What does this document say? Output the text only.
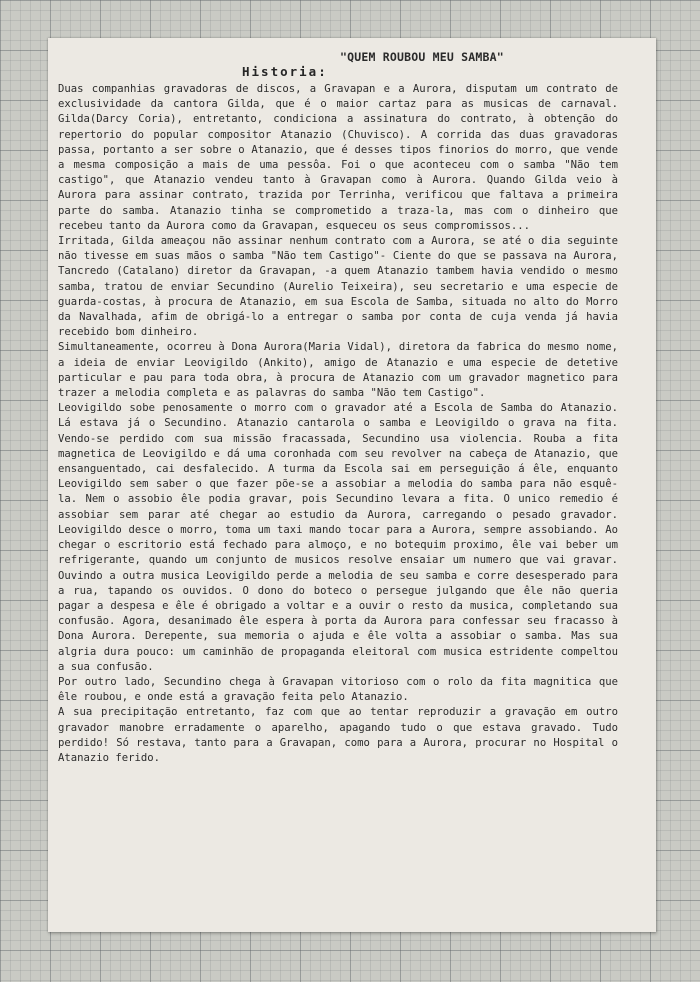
"QUEM ROUBOU MEU SAMBA"

Historia:

Duas companhias gravadoras de discos, a Gravapan e a Aurora, disputam um contrato de exclusividade da cantora Gilda, que é o maior cartaz para as musicas de carnaval. Gilda(Darcy Coria), entretanto, condiciona a assinatura do contrato, à obtenção do repertorio do popular compositor Atanazio (Chuvisco). A corrida das duas gravadoras passa, portanto a ser sobre o Atanazio, que é desses tipos finorios do morro, que vende a mesma composição a mais de uma pessôa. Foi o que aconteceu com o samba "Não tem castigo", que Atanazio vendeu tanto à Gravapan como à Aurora. Quando Gilda veio à Aurora para assinar contrato, trazida por Terrinha, verificou que faltava a primeira parte do samba. Atanazio tinha se comprometido a traza-la, mas com o dinheiro que recebeu tanto da Aurora como da Gravapan, esqueceu os seus compromissos...

Irritada, Gilda ameaçou não assinar nenhum contrato com a Aurora, se até o dia seguinte não tivesse em suas mãos o samba "Não tem Castigo"- Ciente do que se passava na Aurora, Tancredo (Catalano) diretor da Gravapan, -a quem Atanazio tambem havia vendido o mesmo samba, tratou de enviar Secundino (Aurelio Teixeira), seu secretario e uma especie de guarda-costas, à procura de Atanazio, em sua Escola de Samba, situada no alto do Morro da Navalhada, afim de obrigá-lo a entregar o samba por conta de cuja venda já havia recebido bom dinheiro.

Simultaneamente, ocorreu à Dona Aurora(Maria Vidal), diretora da fabrica do mesmo nome, a ideia de enviar Leovigildo (Ankito), amigo de Atanazio e uma especie de detetive particular e pau para toda obra, à procura de Atanazio com um gravador magnetico para trazer a melodia completa e as palavras do samba "Não tem Castigo".

Leovigildo sobe penosamente o morro com o gravador até a Escola de Samba do Atanazio. Lá estava já o Secundino. Atanazio cantarola o samba e Leovigildo o grava na fita. Vendo-se perdido com sua missão fracassada, Secundino usa violencia. Rouba a fita magnetica de Leovigildo e dá uma coronhada com seu revolver na cabeça de Atanazio, que ensanguentado, cai desfalecido. A turma da Escola sai em perseguição á êle, enquanto Leovigildo sem saber o que fazer põe-se a assobiar a melodia do samba para não esquê-la. Nem o assobio êle podia gravar, pois Secundino levara a fita. O unico remedio é assobiar sem parar até chegar ao estudio da Aurora, carregando o pesado gravador. Leovigildo desce o morro, toma um taxi mando tocar para a Aurora, sempre assobiando. Ao chegar o escritorio está fechado para almoço, e no botequim proximo, êle vai beber um refrigerante, quando um conjunto de musicos resolve ensaiar um numero que vai gravar. Ouvindo a outra musica Leovigildo perde a melodia de seu samba e corre desesperado para a rua, tapando os ouvidos. O dono do boteco o persegue julgando que êle não queria pagar a despesa e êle é obrigado a voltar e a ouvir o resto da musica, completando sua confusão. Agora, desanimado êle espera à porta da Aurora para confessar seu fracasso à Dona Aurora. Derepente, sua memoria o ajuda e êle volta a assobiar o samba. Mas sua algria dura pouco: um caminhão de propaganda eleitoral com musica estridente compeltou a sua confusão.

Por outro lado, Secundino chega à Gravapan vitorioso com o rolo da fita magnitica que êle roubou, e onde está a gravação feita pelo Atanazio.

A sua precipitação entretanto, faz com que ao tentar reproduzir a gravação em outro gravador manobre erradamente o aparelho, apagando tudo o que estava gravado. Tudo perdido! Só restava, tanto para a Gravapan, como para a Aurora, procurar no Hospital o Atanazio ferido.
